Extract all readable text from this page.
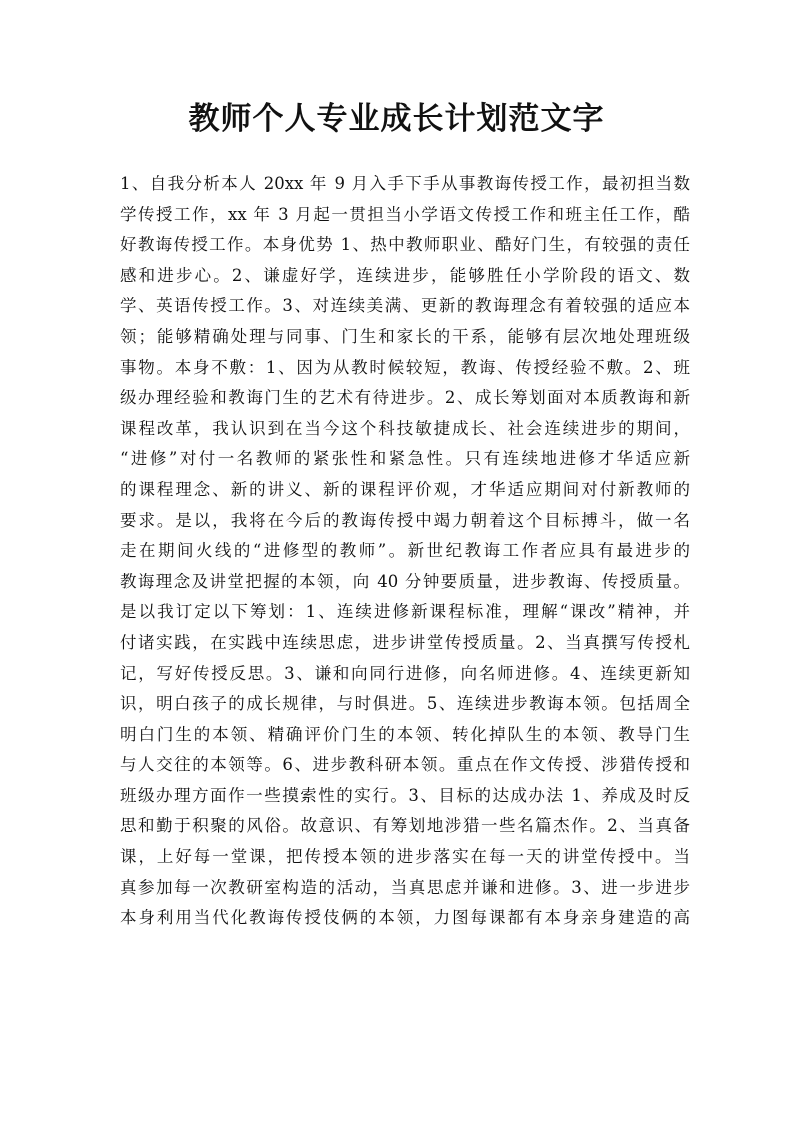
教师个人专业成长计划范文字
1、自我分析本人 20xx 年 9 月入手下手从事教诲传授工作，最初担当数
学传授工作，xx 年 3 月起一贯担当小学语文传授工作和班主任工作，酷
好教诲传授工作。本身优势 1、热中教师职业、酷好门生，有较强的责任
感和进步心。2、谦虚好学，连续进步，能够胜任小学阶段的语文、数
学、英语传授工作。3、对连续美满、更新的教诲理念有着较强的适应本
领；能够精确处理与同事、门生和家长的干系，能够有层次地处理班级
事物。本身不敷：1、因为从教时候较短，教诲、传授经验不敷。2、班
级办理经验和教诲门生的艺术有待进步。2、成长筹划面对本质教诲和新
课程改革，我认识到在当今这个科技敏捷成长、社会连续进步的期间，
“进修”对付一名教师的紧张性和紧急性。只有连续地进修才华适应新
的课程理念、新的讲义、新的课程评价观，才华适应期间对付新教师的
要求。是以，我将在今后的教诲传授中竭力朝着这个目标搏斗，做一名
走在期间火线的“进修型的教师”。新世纪教诲工作者应具有最进步的
教诲理念及讲堂把握的本领，向 40 分钟要质量，进步教诲、传授质量。
是以我订定以下筹划：1、连续进修新课程标准，理解“课改”精神，并
付诸实践，在实践中连续思虑，进步讲堂传授质量。2、当真撰写传授札
记，写好传授反思。3、谦和向同行进修，向名师进修。4、连续更新知
识，明白孩子的成长规律，与时俱进。5、连续进步教诲本领。包括周全
明白门生的本领、精确评价门生的本领、转化掉队生的本领、教导门生
与人交往的本领等。6、进步教科研本领。重点在作文传授、涉猎传授和
班级办理方面作一些摸索性的实行。3、目标的达成办法 1、养成及时反
思和勤于积聚的风俗。故意识、有筹划地涉猎一些名篇杰作。2、当真备
课，上好每一堂课，把传授本领的进步落实在每一天的讲堂传授中。当
真参加每一次教研室构造的活动，当真思虑并谦和进修。3、进一步进步
本身利用当代化教诲传授伎俩的本领，力图每课都有本身亲身建造的高
